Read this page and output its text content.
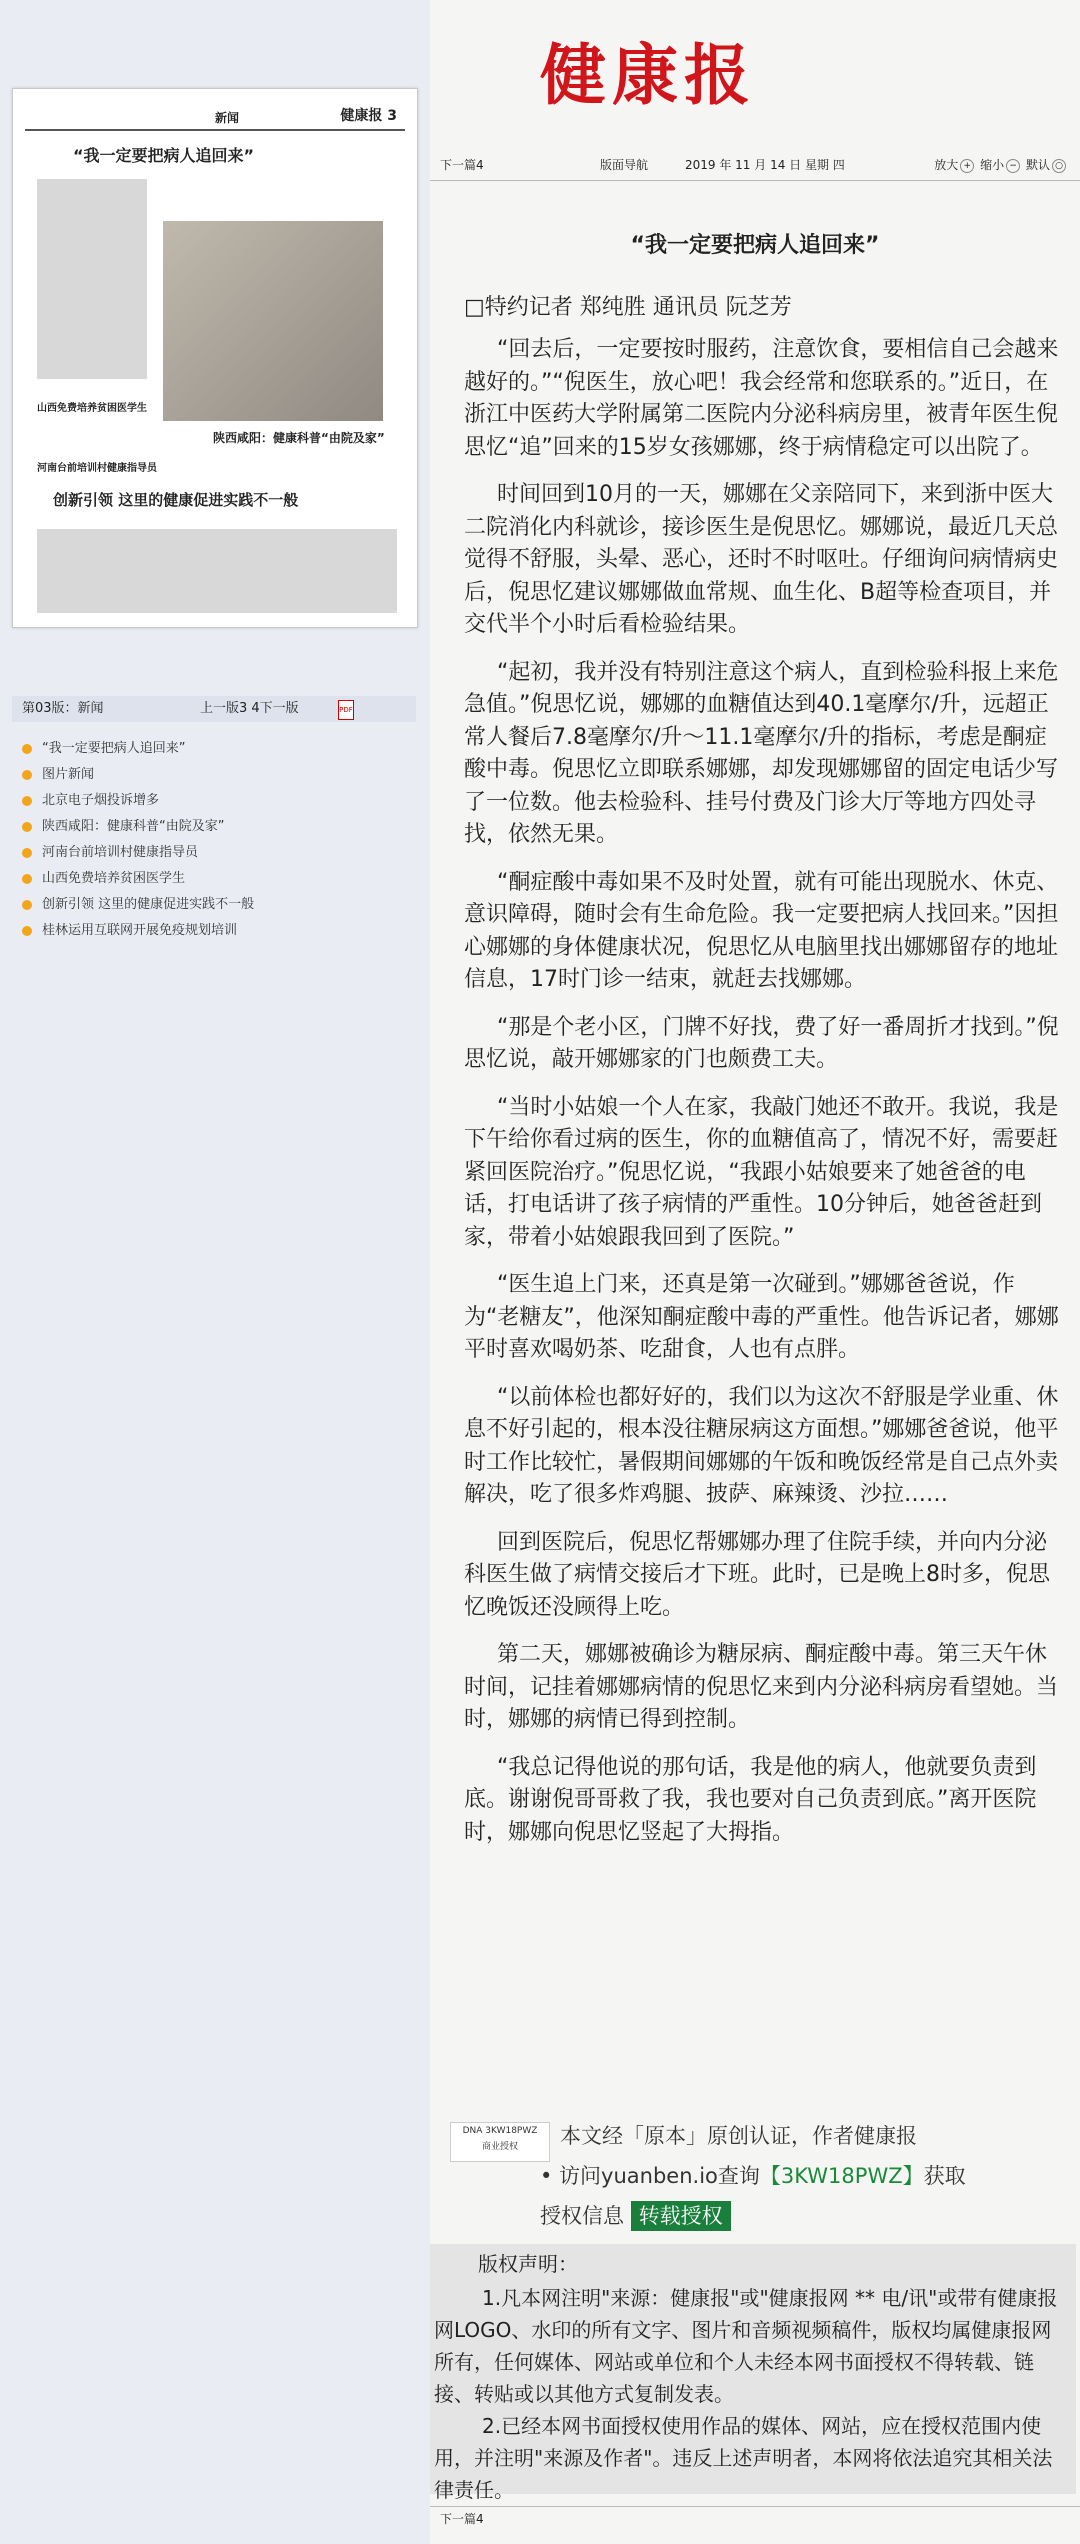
新闻	健康报 3
“我一定要把病人追回来”
陕西咸阳：健康科普“由院及家”
山西免费培养贫困医学生
河南台前培训村健康指导员
创新引领 这里的健康促进实践不一般
第03版：新闻	上一版3 4下一版	PDF
“我一定要把病人追回来”
图片新闻
北京电子烟投诉增多
陕西咸阳：健康科普“由院及家”
河南台前培训村健康指导员
山西免费培养贫困医学生
创新引领 这里的健康促进实践不一般
桂林运用互联网开展免疫规划培训
健康报
下一篇4	版面导航	2019 年 11 月 14 日 星期 四	放大 + 缩小 − 默认 ○
“我一定要把病人追回来”
□特约记者 郑纯胜 通讯员 阮芝芳

“回去后，一定要按时服药，注意饮食，要相信自己会越来越好的。”“倪医生，放心吧！我会经常和您联系的。”近日，在浙江中医药大学附属第二医院内分泌科病房里，被青年医生倪思忆“追”回来的15岁女孩娜娜，终于病情稳定可以出院了。

时间回到10月的一天，娜娜在父亲陪同下，来到浙中医大二院消化内科就诊，接诊医生是倪思忆。娜娜说，最近几天总觉得不舒服，头晕、恶心，还时不时呕吐。仔细询问病情病史后，倪思忆建议娜娜做血常规、血生化、B超等检查项目，并交代半个小时后看检验结果。

“起初，我并没有特别注意这个病人，直到检验科报上来危急值。”倪思忆说，娜娜的血糖值达到40.1毫摩尔/升，远超正常人餐后7.8毫摩尔/升～11.1毫摩尔/升的指标，考虑是酮症酸中毒。倪思忆立即联系娜娜，却发现娜娜留的固定电话少写了一位数。他去检验科、挂号付费及门诊大厅等地方四处寻找，依然无果。

“酮症酸中毒如果不及时处置，就有可能出现脱水、休克、意识障碍，随时会有生命危险。我一定要把病人找回来。”因担心娜娜的身体健康状况，倪思忆从电脑里找出娜娜留存的地址信息，17时门诊一结束，就赶去找娜娜。

“那是个老小区，门牌不好找，费了好一番周折才找到。”倪思忆说，敲开娜娜家的门也颇费工夫。

“当时小姑娘一个人在家，我敲门她还不敢开。我说，我是下午给你看过病的医生，你的血糖值高了，情况不好，需要赶紧回医院治疗。”倪思忆说，“我跟小姑娘要来了她爸爸的电话，打电话讲了孩子病情的严重性。10分钟后，她爸爸赶到家，带着小姑娘跟我回到了医院。”

“医生追上门来，还真是第一次碰到。”娜娜爸爸说，作为“老糖友”，他深知酮症酸中毒的严重性。他告诉记者，娜娜平时喜欢喝奶茶、吃甜食，人也有点胖。

“以前体检也都好好的，我们以为这次不舒服是学业重、休息不好引起的，根本没往糖尿病这方面想。”娜娜爸爸说，他平时工作比较忙，暑假期间娜娜的午饭和晚饭经常是自己点外卖解决，吃了很多炸鸡腿、披萨、麻辣烫、沙拉……

回到医院后，倪思忆帮娜娜办理了住院手续，并向内分泌科医生做了病情交接后才下班。此时，已是晚上8时多，倪思忆晚饭还没顾得上吃。

第二天，娜娜被确诊为糖尿病、酮症酸中毒。第三天午休时间，记挂着娜娜病情的倪思忆来到内分泌科病房看望她。当时，娜娜的病情已得到控制。

“我总记得他说的那句话，我是他的病人，他就要负责到底。谢谢倪哥哥救了我，我也要对自己负责到底。”离开医院时，娜娜向倪思忆竖起了大拇指。

DNA 3KW18PWZ
商业授权	本文经「原本」原创认证，作者健康报
• 访问yuanben.io查询【3KW18PWZ】获取
授权信息 转载授权
版权声明：

1.凡本网注明"来源：健康报"或"健康报网 ** 电/讯"或带有健康报网LOGO、水印的所有文字、图片和音频视频稿件，版权均属健康报网所有，任何媒体、网站或单位和个人未经本网书面授权不得转载、链接、转贴或以其他方式复制发表。

2.已经本网书面授权使用作品的媒体、网站，应在授权范围内使用，并注明"来源及作者"。违反上述声明者，本网将依法追究其相关法律责任。

下一篇4
